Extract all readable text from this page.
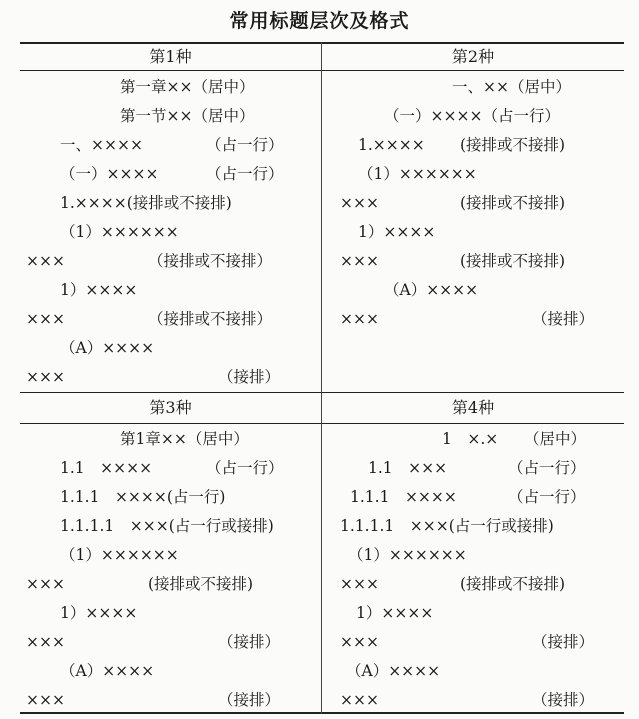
常用标题层次及格式
第1种	第2种
第3种	第4种
第一章××（居中）
第一节××（居中）
一、××××	（占一行）
（一）××××	（占一行）
1.××××(接排或不接排)
（1）××××××
×××	（接排或不接排）
1）××××
×××	（接排或不接排）
（A）××××
×××	（接排）
一、××（居中）
（一）××××（占一行）
1.×××× (接排或不接排)
（1）××××××
×××	(接排或不接排)
1）××××
×××	(接排或不接排)
（A）××××
×××	（接排）
第1章××（居中）
1.1　××××	（占一行）
1.1.1　××××(占一行)
1.1.1.1　×××(占一行或接排)
（1）××××××
×××	(接排或不接排)
1）××××
×××	（接排）
（A）××××
×××	（接排）
1　×.× （居中）
1.1　×××	（占一行）
1.1.1　××××	（占一行）
1.1.1.1　×××(占一行或接排)
（1）××××××
×××	(接排或不接排)
1）××××
×××	（接排）
（A）××××
×××	（接排）
